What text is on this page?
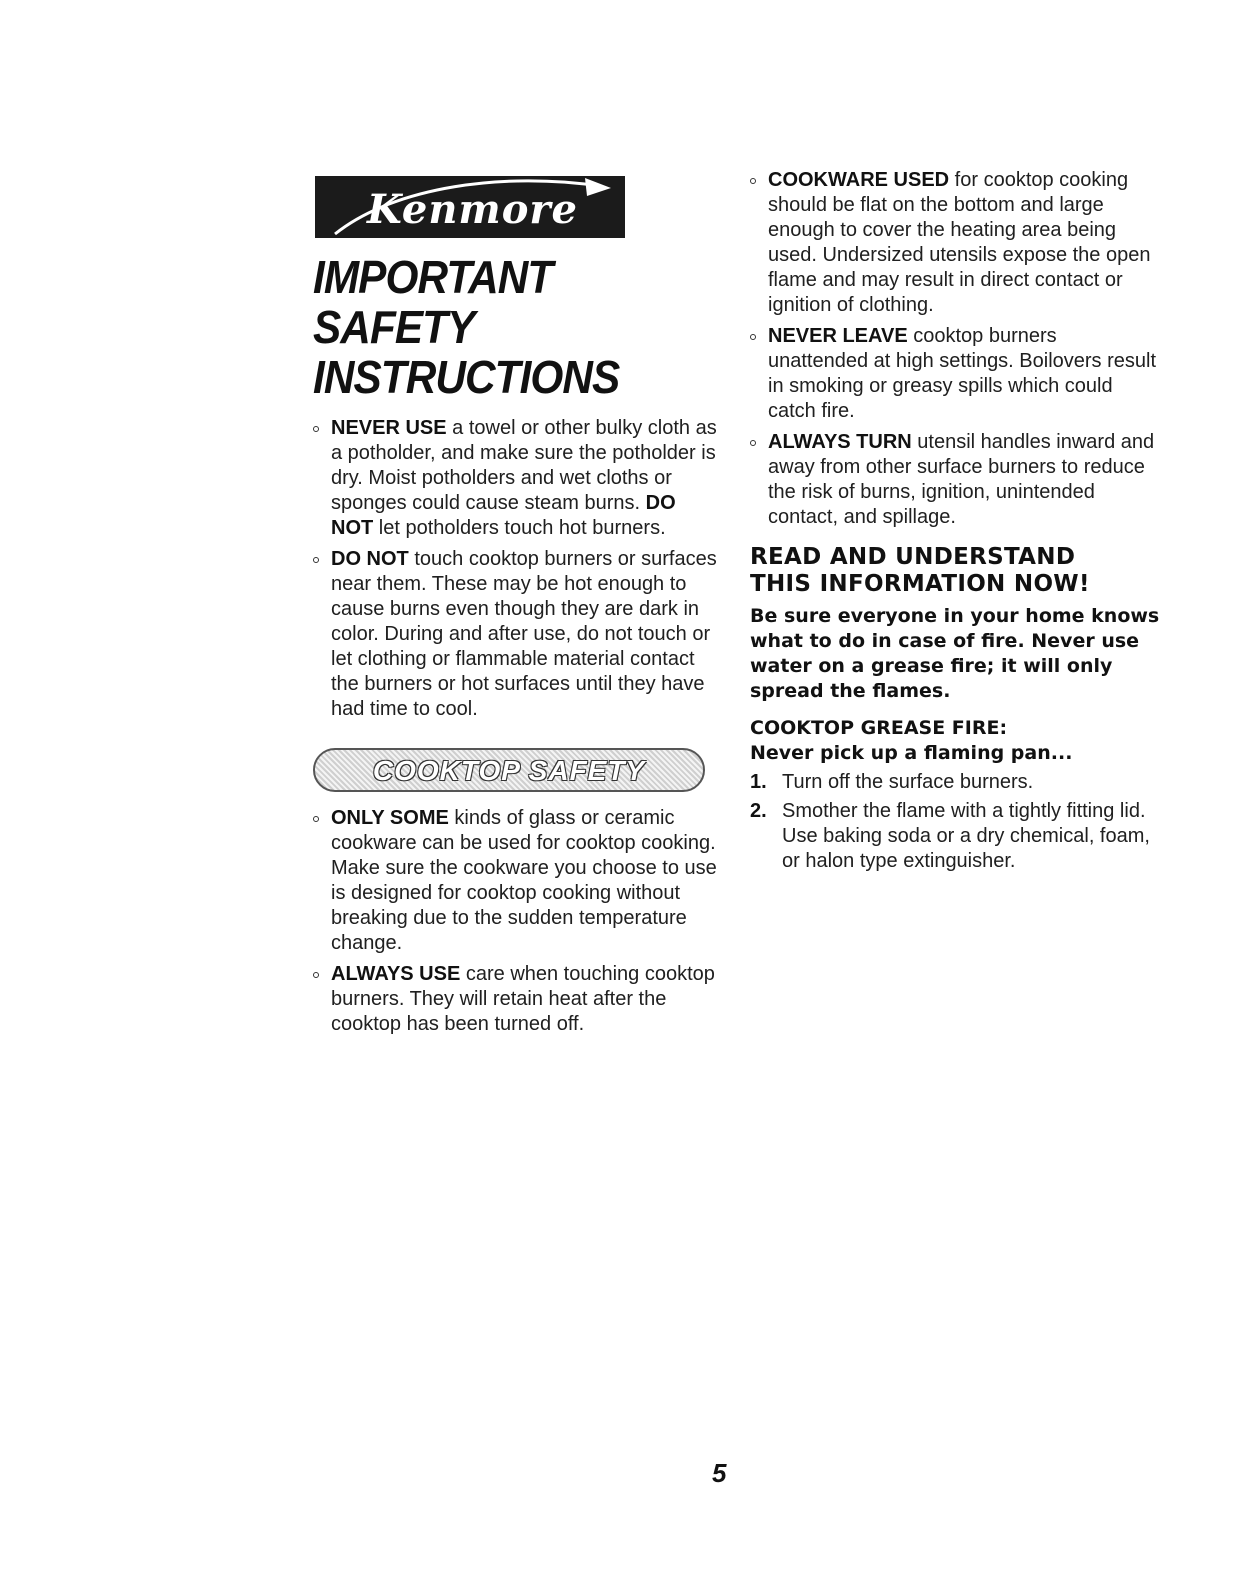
Kenmore
IMPORTANT SAFETY
INSTRUCTIONS
NEVER USE a towel or other bulky cloth as a potholder, and make sure the potholder is dry. Moist potholders and wet cloths or sponges could cause steam burns. DO NOT let potholders touch hot burners.
DO NOT touch cooktop burners or surfaces near them. These may be hot enough to cause burns even though they are dark in color. During and after use, do not touch or let clothing or flammable material contact the burners or hot surfaces until they have had time to cool.
COOKTOP SAFETY
ONLY SOME kinds of glass or ceramic cookware can be used for cooktop cooking. Make sure the cookware you choose to use is designed for cooktop cooking without breaking due to the sudden temperature change.
ALWAYS USE care when touching cooktop burners. They will retain heat after the cooktop has been turned off.
COOKWARE USED for cooktop cooking should be flat on the bottom and large enough to cover the heating area being used. Undersized utensils expose the open flame and may result in direct contact or ignition of clothing.
NEVER LEAVE cooktop burners unattended at high settings. Boilovers result in smoking or greasy spills which could catch fire.
ALWAYS TURN utensil handles inward and away from other surface burners to reduce the risk of burns, ignition, unintended contact, and spillage.
READ AND UNDERSTAND
THIS INFORMATION NOW!
Be sure everyone in your home knows what to do in case of fire. Never use water on a grease fire; it will only spread the flames.
COOKTOP GREASE FIRE:
Never pick up a flaming pan...
1. Turn off the surface burners.
2. Smother the flame with a tightly fitting lid. Use baking soda or a dry chemical, foam, or halon type extinguisher.
5
